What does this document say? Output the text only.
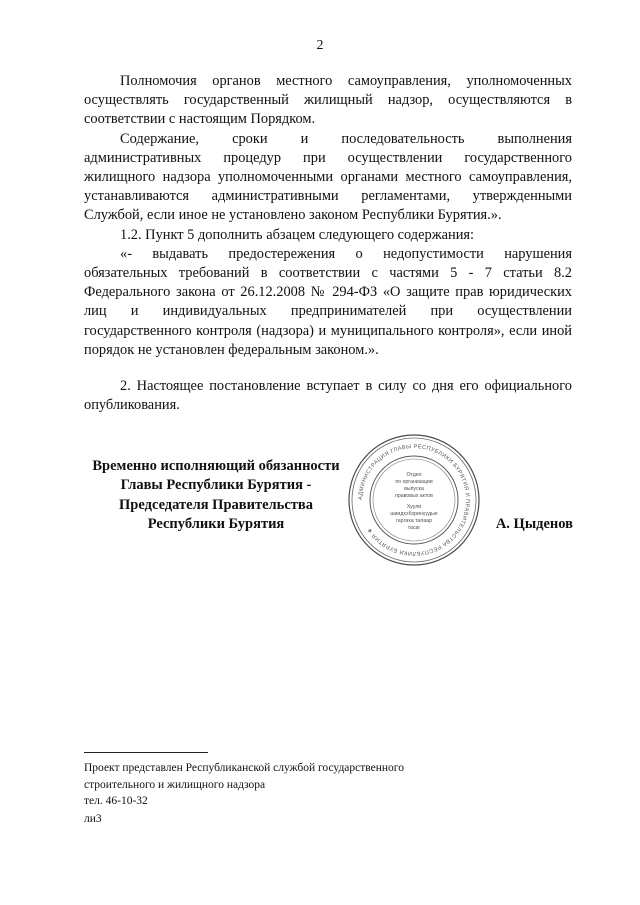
2

Полномочия органов местного самоуправления, уполномоченных осуществлять государственный жилищный надзор, осуществляются в соответствии с настоящим Порядком.

Содержание, сроки и последовательность выполнения административных процедур при осуществлении государственного жилищного надзора уполномоченными органами местного самоуправления, устанавливаются административными регламентами, утвержденными Службой, если иное не установлено законом Республики Бурятия.».

1.2. Пункт 5 дополнить абзацем следующего содержания:

«- выдавать предостережения о недопустимости нарушения обязательных требований в соответствии с частями 5 - 7 статьи 8.2 Федерального закона от 26.12.2008 № 294-ФЗ «О защите прав юридических лиц и индивидуальных предпринимателей при осуществлении государственного контроля (надзора) и муниципального контроля», если иной порядок не установлен федеральным законом.».

2. Настоящее постановление вступает в силу со дня его официального опубликования.

Временно исполняющий обязанности
Главы Республики Бурятия -
Председателя Правительства
Республики Бурятия
АДМИНИСТРАЦИЯ ГЛАВЫ РЕСПУБЛИКИ БУРЯТИЯ И ПРАВИТЕЛЬСТВА РЕСПУБЛИКИ БУРЯТИЯ ★
Отдел
по организации
выпуска
правовых актов
Хуули
шиидхэбэринүүдые
гаргаха талаар
тасаг	А. Цыденов
Проект представлен Республиканской службой государственного
строительного и жилищного надзора
тел. 46-10-32
ли3
